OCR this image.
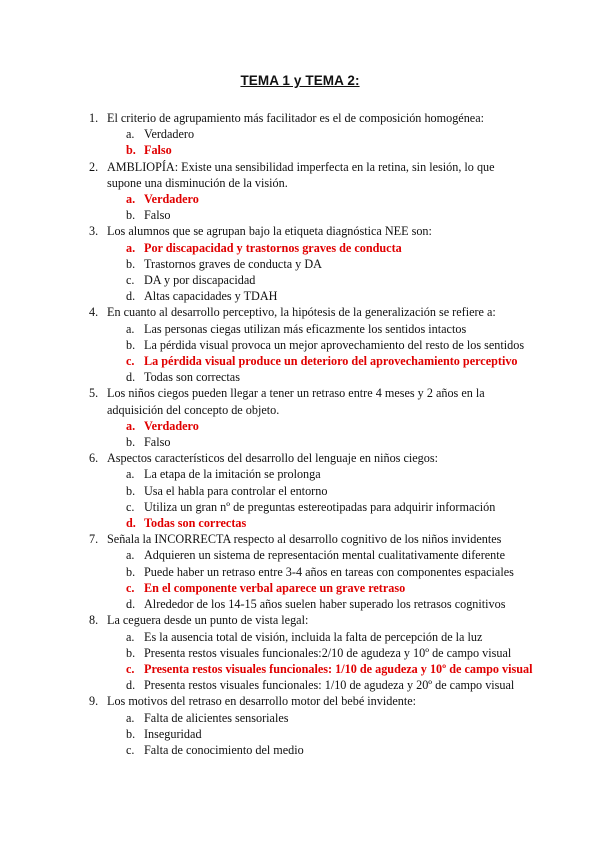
TEMA 1 y TEMA 2:
1. El criterio de agrupamiento más facilitador es el de composición homogénea:
a. Verdadero
b. Falso
2. AMBLIOPÍA: Existe una sensibilidad imperfecta en la retina, sin lesión, lo que supone una disminución de la visión.
a. Verdadero
b. Falso
3. Los alumnos que se agrupan bajo la etiqueta diagnóstica NEE son:
a. Por discapacidad y trastornos graves de conducta
b. Trastornos graves de conducta y DA
c. DA y por discapacidad
d. Altas capacidades y TDAH
4. En cuanto al desarrollo perceptivo, la hipótesis de la generalización se refiere a:
a. Las personas ciegas utilizan más eficazmente los sentidos intactos
b. La pérdida visual provoca un mejor aprovechamiento del resto de los sentidos
c. La pérdida visual produce un deterioro del aprovechamiento perceptivo
d. Todas son correctas
5. Los niños ciegos pueden llegar a tener un retraso entre 4 meses y 2 años en la adquisición del concepto de objeto.
a. Verdadero
b. Falso
6. Aspectos característicos del desarrollo del lenguaje en niños ciegos:
a. La etapa de la imitación se prolonga
b. Usa el habla para controlar el entorno
c. Utiliza un gran nº de preguntas estereotipadas para adquirir información
d. Todas son correctas
7. Señala la INCORRECTA respecto al desarrollo cognitivo de los niños invidentes
a. Adquieren un sistema de representación mental cualitativamente diferente
b. Puede haber un retraso entre 3-4 años en tareas con componentes espaciales
c. En el componente verbal aparece un grave retraso
d. Alrededor de los 14-15 años suelen haber superado los retrasos cognitivos
8. La ceguera desde un punto de vista legal:
a. Es la ausencia total de visión, incluida la falta de percepción de la luz
b. Presenta restos visuales funcionales:2/10 de agudeza y 10º de campo visual
c. Presenta restos visuales funcionales: 1/10 de agudeza y 10º de campo visual
d. Presenta restos visuales funcionales: 1/10 de agudeza y 20º de campo visual
9. Los motivos del retraso en desarrollo motor del bebé invidente:
a. Falta de alicientes sensoriales
b. Inseguridad
c. Falta de conocimiento del medio
